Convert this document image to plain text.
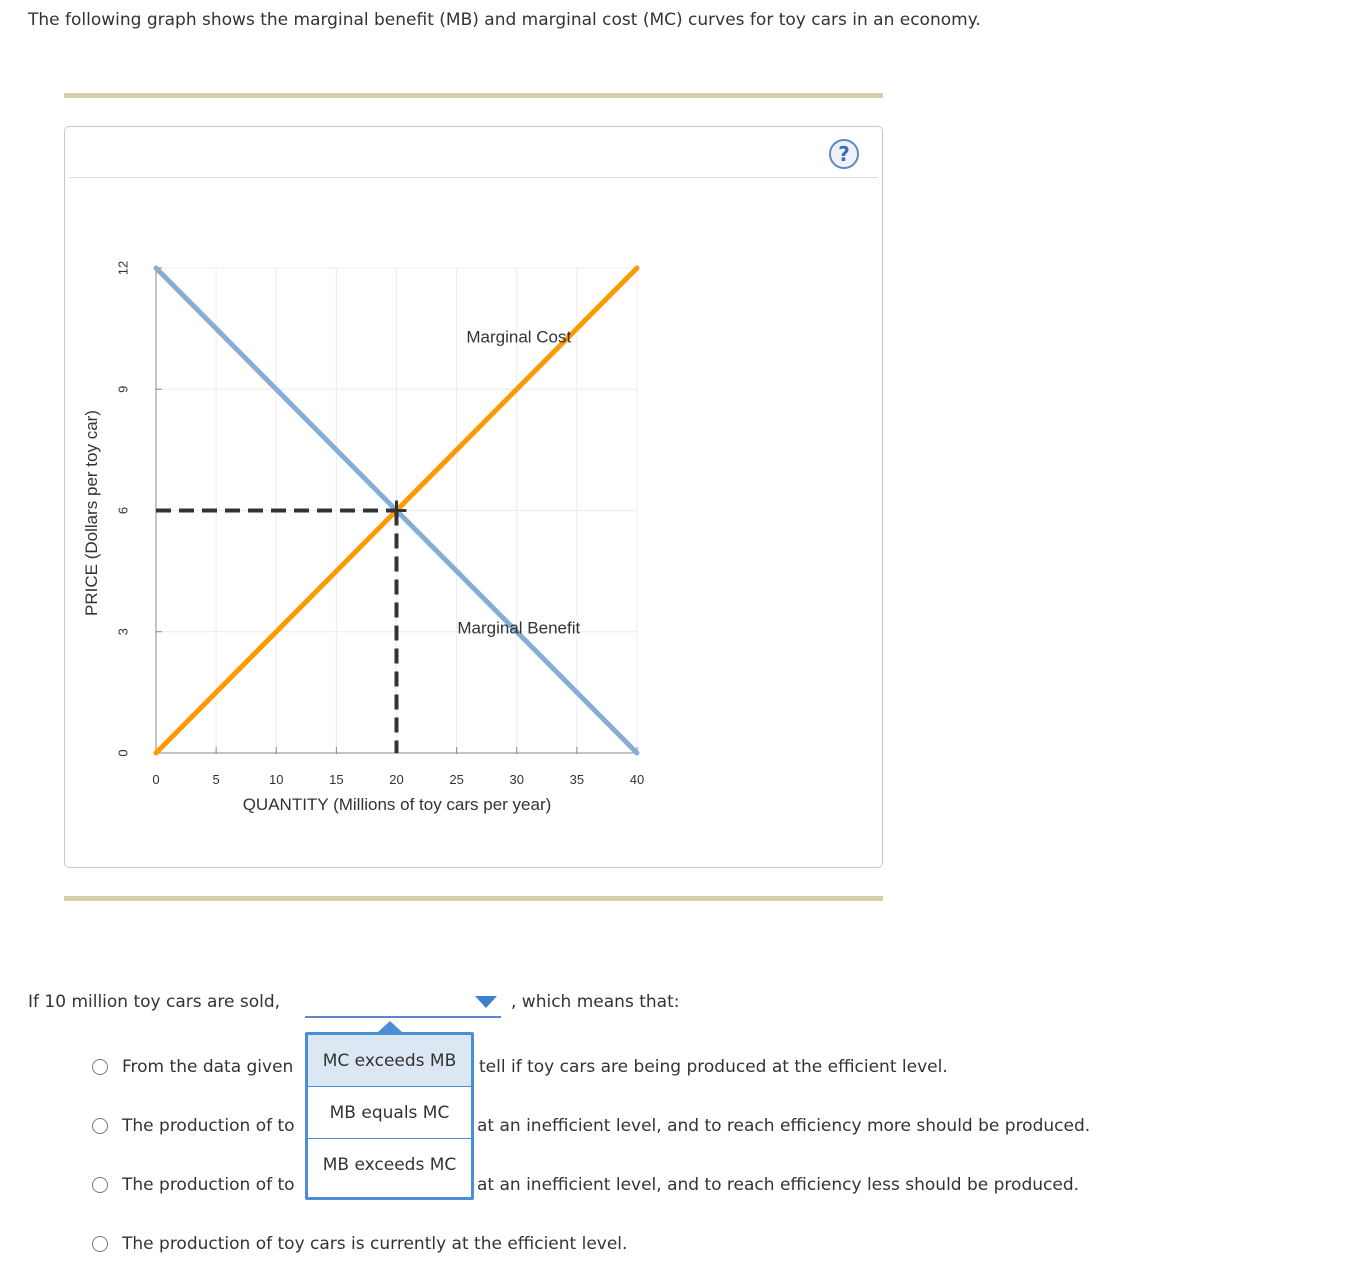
The following graph shows the marginal benefit (MB) and marginal cost (MC) curves for toy cars in an economy.
?
0	5	10	15	20	25	30	35	40
0
3
6
9
12
Marginal Cost
Marginal Benefit
QUANTITY (Millions of toy cars per year)
PRICE (Dollars per toy car)
If 10 million toy cars are sold,	, which means that:
From the data given	tell if toy cars are being produced at the efficient level.
The production of to	at an inefficient level, and to reach efficiency more should be produced.
The production of to	at an inefficient level, and to reach efficiency less should be produced.
The production of toy cars is currently at the efficient level.
MC exceeds MB
MB equals MC
MB exceeds MC
